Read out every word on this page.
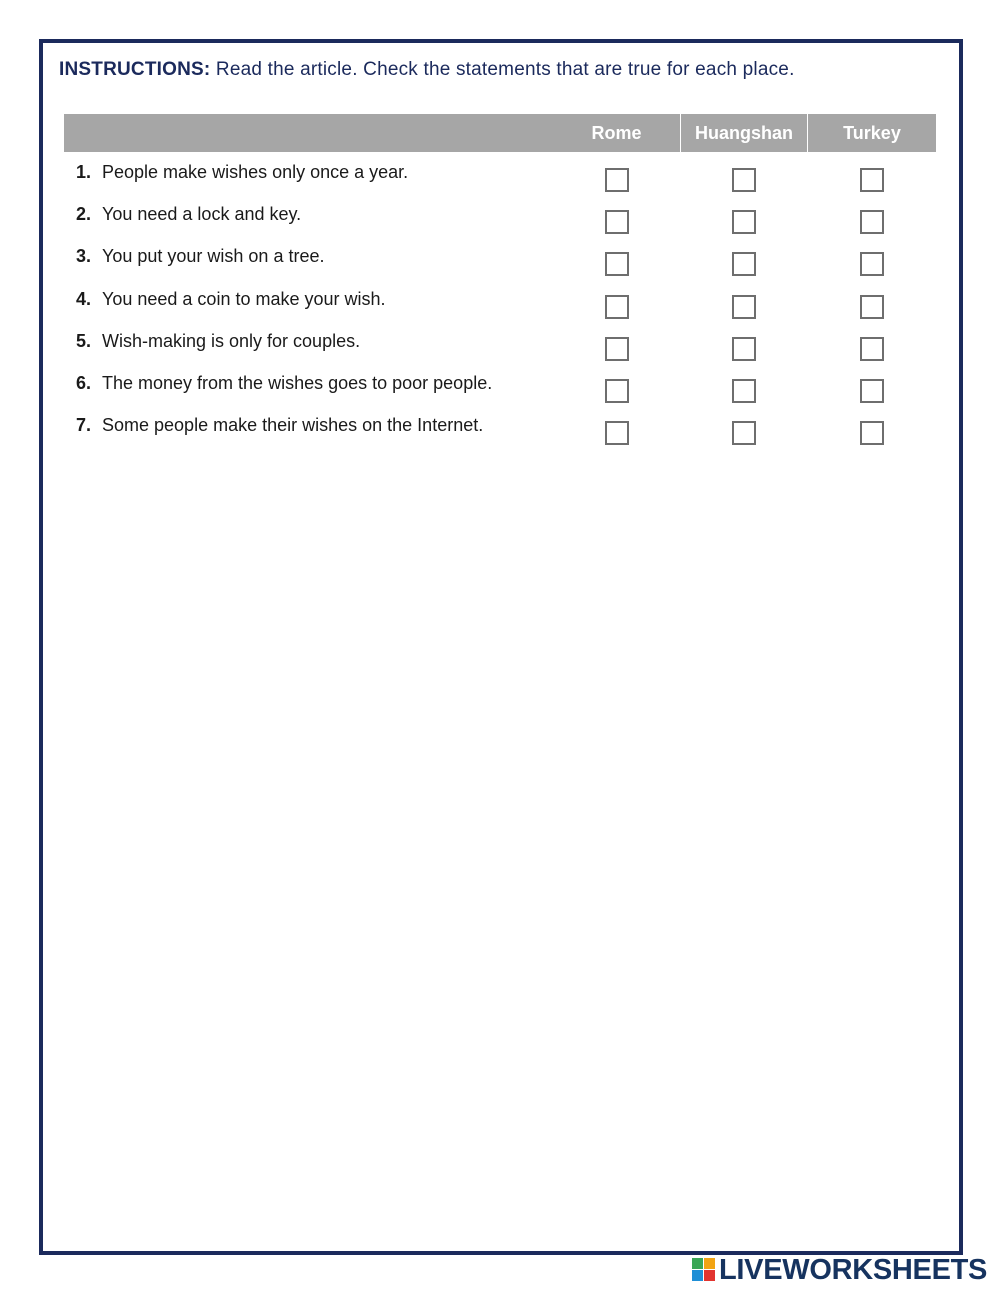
INSTRUCTIONS: Read the article. Check the statements that are true for each place.
Rome	Huangshan	Turkey
1. People make wishes only once a year.
2. You need a lock and key.
3. You put your wish on a tree.
4. You need a coin to make your wish.
5. Wish-making is only for couples.
6. The money from the wishes goes to poor people.
7. Some people make their wishes on the Internet.
LIVEWORKSHEETS
